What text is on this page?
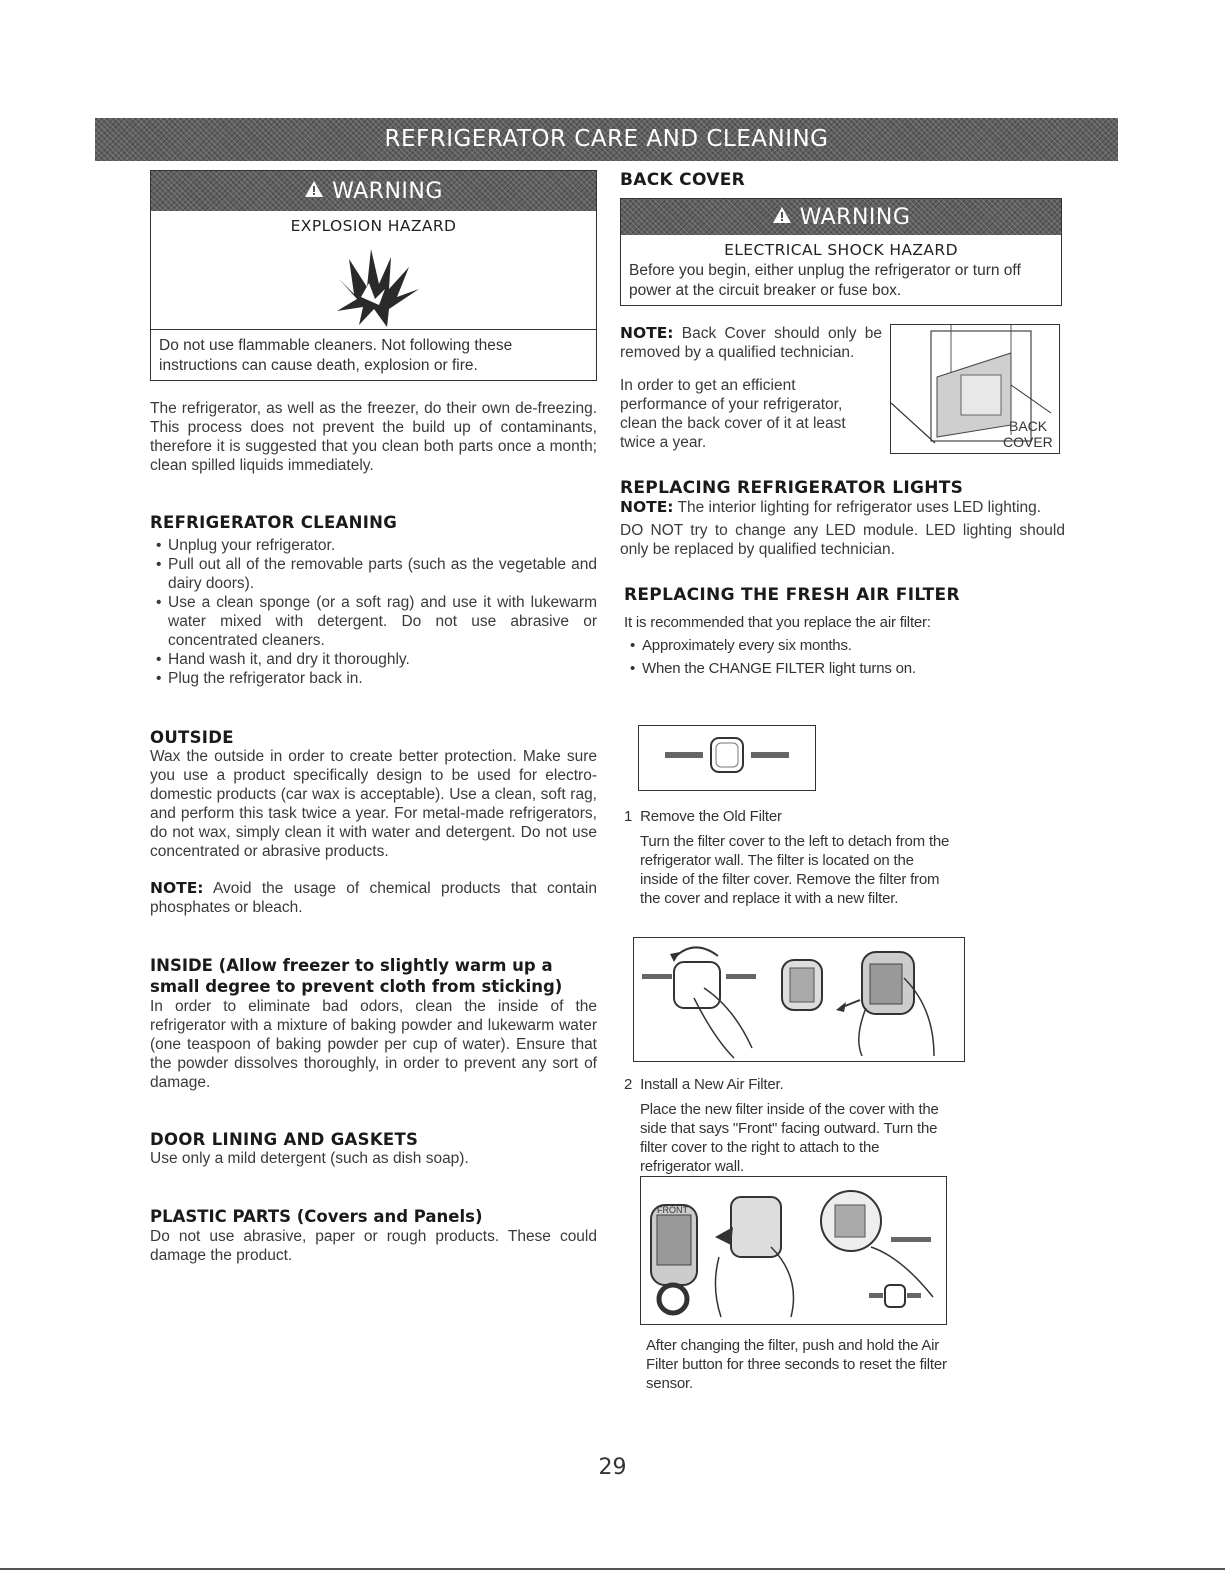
REFRIGERATOR CARE AND CLEANING
WARNING
EXPLOSION HAZARD
Do not use flammable cleaners. Not following these instructions can cause death, explosion or fire.

The refrigerator, as well as the freezer, do their own de-freezing. This process does not prevent the build up of contaminants, therefore it is suggested that you clean both parts once a month; clean spilled liquids immediately.

REFRIGERATOR CLEANING
• Unplug your refrigerator.
• Pull out all of the removable parts (such as the vegetable and dairy doors).
• Use a clean sponge (or a soft rag) and use it with lukewarm water mixed with detergent. Do not use abrasive or concentrated cleaners.
• Hand wash it, and dry it thoroughly.
• Plug the refrigerator back in.
OUTSIDE

Wax the outside in order to create better protection. Make sure you use a product specifically design to be used for electro-domestic products (car wax is acceptable). Use a clean, soft rag, and perform this task twice a year. For metal-made refrigerators, do not wax, simply clean it with water and detergent. Do not use concentrated or abrasive products.

NOTE: Avoid the usage of chemical products that contain phosphates or bleach.

INSIDE (Allow freezer to slightly warm up a small degree to prevent cloth from sticking)

In order to eliminate bad odors, clean the inside of the refrigerator with a mixture of baking powder and lukewarm water (one teaspoon of baking powder per cup of water). Ensure that the powder dissolves thoroughly, in order to prevent any sort of damage.

DOOR LINING AND GASKETS

Use only a mild detergent (such as dish soap).

PLASTIC PARTS (Covers and Panels)

Do not use abrasive, paper or rough products. These could damage the product.

BACK COVER
WARNING
ELECTRICAL SHOCK HAZARD
Before you begin, either unplug the refrigerator or turn off power at the circuit breaker or fuse box.

NOTE: Back Cover should only be removed by a qualified technician.

In order to get an efficient performance of your refrigerator, clean the back cover of it at least twice a year.

BACK
COVER
REPLACING REFRIGERATOR LIGHTS

NOTE: The interior lighting for refrigerator uses LED lighting.

DO NOT try to change any LED module. LED lighting should only be replaced by qualified technician.

REPLACING THE FRESH AIR FILTER

It is recommended that you replace the air filter:

• Approximately every six months.
• When the CHANGE FILTER light turns on.

1 Remove the Old Filter

Turn the filter cover to the left to detach from the refrigerator wall. The filter is located on the inside of the filter cover. Remove the filter from the cover and replace it with a new filter.

2 Install a New Air Filter.

Place the new filter inside of the cover with the side that says "Front" facing outward. Turn the filter cover to the right to attach to the refrigerator wall.

FRONT

After changing the filter, push and hold the Air Filter button for three seconds to reset the filter sensor.

29
